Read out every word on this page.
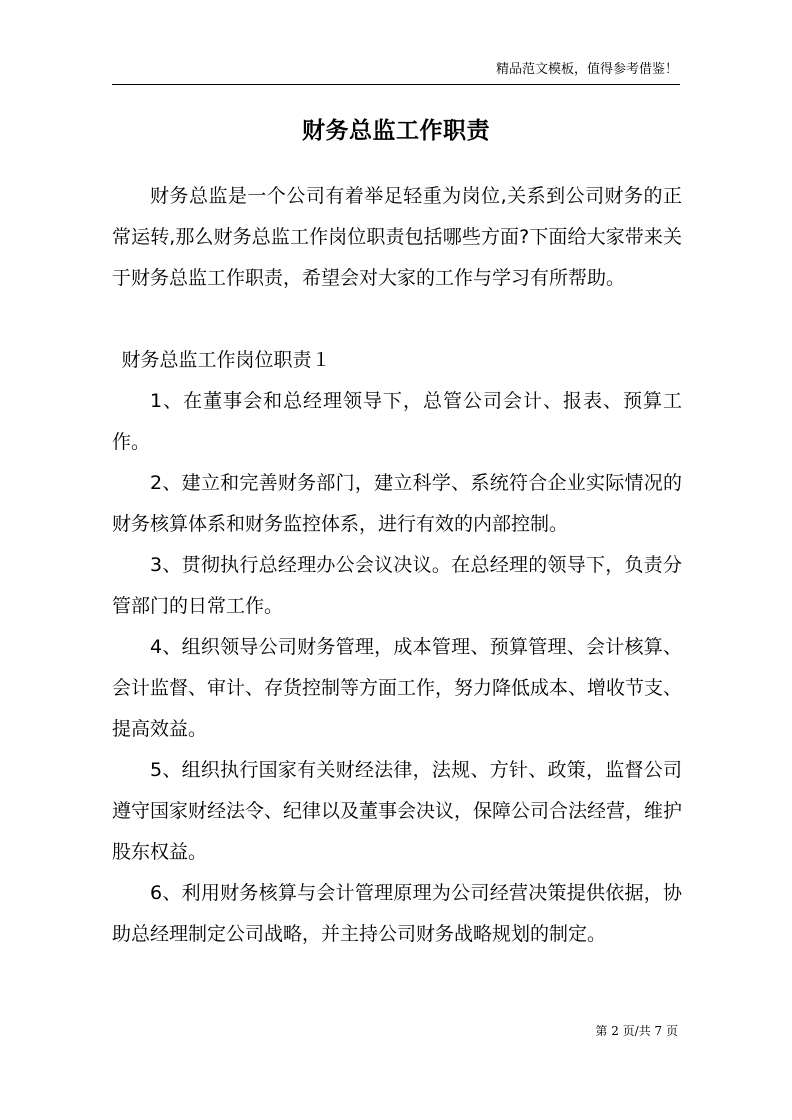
精品范文模板，值得参考借鉴！
财务总监工作职责

财务总监是一个公司有着举足轻重为岗位,关系到公司财务的正常运转,那么财务总监工作岗位职责包括哪些方面?下面给大家带来关于财务总监工作职责，希望会对大家的工作与学习有所帮助。

财务总监工作岗位职责１

1、在董事会和总经理领导下，总管公司会计、报表、预算工作。

2、建立和完善财务部门，建立科学、系统符合企业实际情况的财务核算体系和财务监控体系，进行有效的内部控制。

3、贯彻执行总经理办公会议决议。在总经理的领导下，负责分管部门的日常工作。

4、组织领导公司财务管理，成本管理、预算管理、会计核算、会计监督、审计、存货控制等方面工作，努力降低成本、增收节支、提高效益。

5、组织执行国家有关财经法律，法规、方针、政策，监督公司遵守国家财经法令、纪律以及董事会决议，保障公司合法经营，维护股东权益。

6、利用财务核算与会计管理原理为公司经营决策提供依据，协助总经理制定公司战略，并主持公司财务战略规划的制定。

第 2 页/共 7 页
